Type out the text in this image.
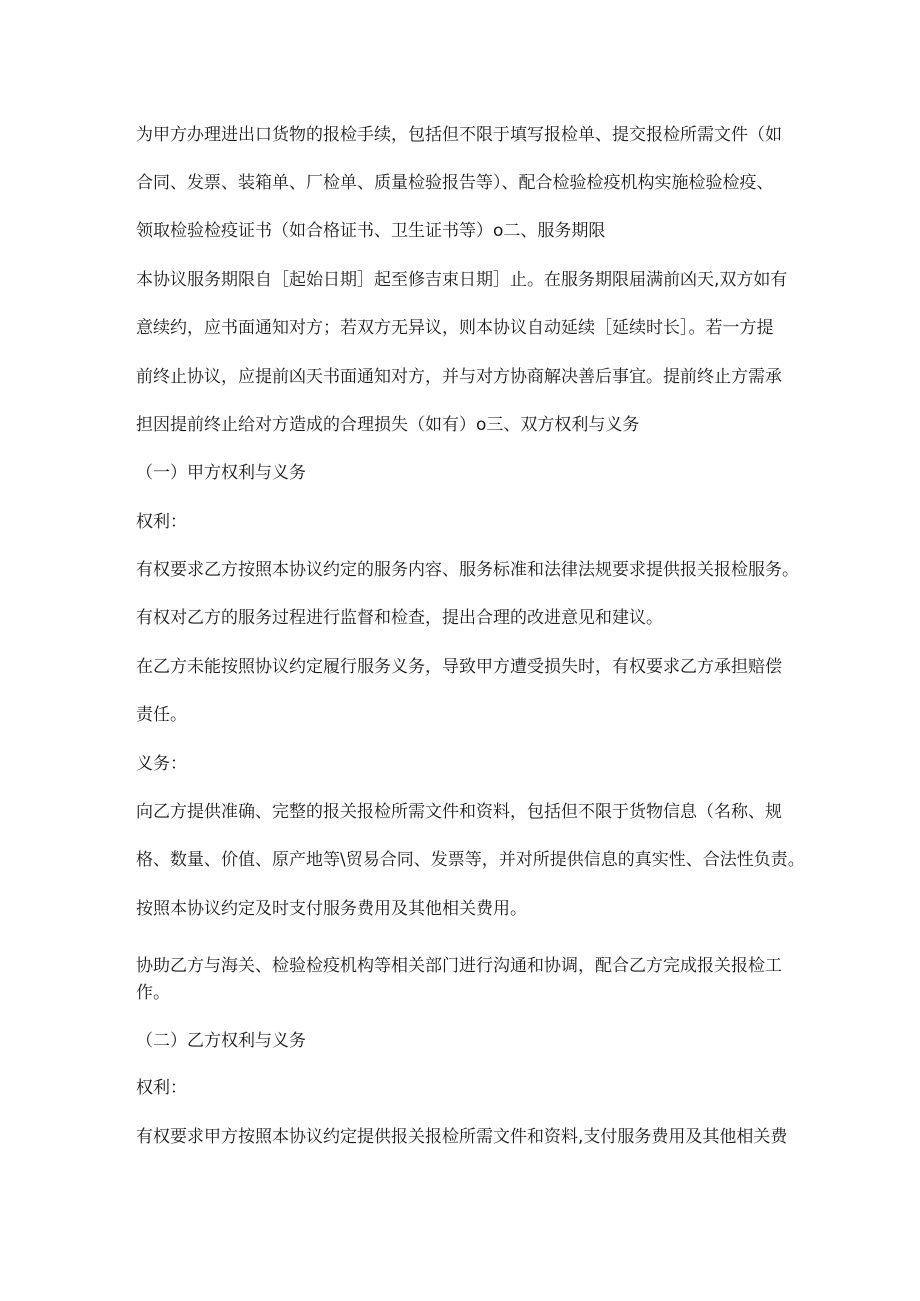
为甲方办理进出口货物的报检手续，包括但不限于填写报检单、提交报检所需文件（如
合同、发票、装箱单、厂检单、质量检验报告等）、配合检验检疫机构实施检验检疫、
领取检验检疫证书（如合格证书、卫生证书等）o二、服务期限
本协议服务期限自［起始日期］起至修吉束日期］止。在服务期限届满前凶天,双方如有
意续约，应书面通知对方；若双方无异议，则本协议自动延续［延续时长］。若一方提
前终止协议，应提前凶天书面通知对方，并与对方协商解决善后事宜。提前终止方需承
担因提前终止给对方造成的合理损失（如有）o三、双方权利与义务
（一）甲方权利与义务
权利：
有权要求乙方按照本协议约定的服务内容、服务标准和法律法规要求提供报关报检服务。
有权对乙方的服务过程进行监督和检查，提出合理的改进意见和建议。
在乙方未能按照协议约定履行服务义务，导致甲方遭受损失时，有权要求乙方承担赔偿
责任。
义务：
向乙方提供准确、完整的报关报检所需文件和资料，包括但不限于货物信息（名称、规
格、数量、价值、原产地等\贸易合同、发票等，并对所提供信息的真实性、合法性负责。
按照本协议约定及时支付服务费用及其他相关费用。
协助乙方与海关、检验检疫机构等相关部门进行沟通和协调，配合乙方完成报关报检工
作。
（二）乙方权利与义务
权利：
有权要求甲方按照本协议约定提供报关报检所需文件和资料,支付服务费用及其他相关费
